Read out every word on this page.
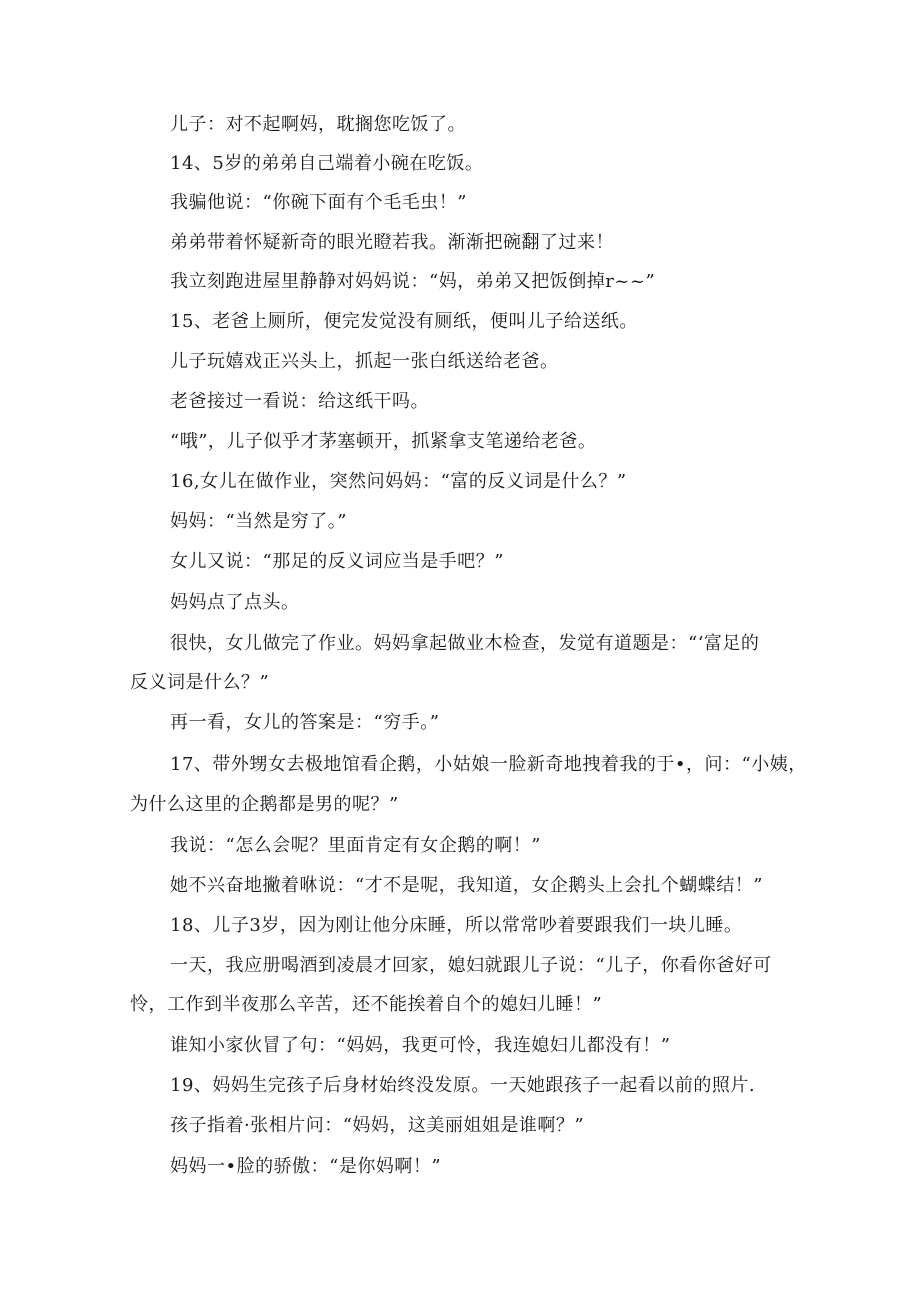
儿子：对不起啊妈，耽搁您吃饭了。
14、5岁的弟弟自己端着小碗在吃饭。
我骗他说：“你碗下面有个毛毛虫！”
弟弟带着怀疑新奇的眼光瞪若我。渐渐把碗翻了过来！
我立刻跑进屋里静静对妈妈说：“妈，弟弟又把饭倒掉r~~”
15、老爸上厕所，便完发觉没有厕纸，便叫儿子给送纸。
儿子玩嬉戏正兴头上，抓起一张白纸送给老爸。
老爸接过一看说：给这纸干吗。
“哦”，儿子似乎才茅塞顿开，抓紧拿支笔递给老爸。
16,女儿在做作业，突然问妈妈：“富的反义词是什么？”
妈妈：“当然是穷了。”
女儿又说：“那足的反义词应当是手吧？”
妈妈点了点头。
很快，女儿做完了作业。妈妈拿起做业木检查，发觉有道题是：“‘富足的
反义词是什么？”
再一看，女儿的答案是：“穷手。”
17、带外甥女去极地馆看企鹅，小姑娘一脸新奇地拽着我的于•，问：“小姨，
为什么这里的企鹅都是男的呢？”
我说：“怎么会呢？里面肯定有女企鹅的啊！”
她不兴奋地撇着咻说：“才不是呢，我知道，女企鹅头上会扎个蝴蝶结！”
18、儿子3岁，因为刚让他分床睡，所以常常吵着要跟我们一块儿睡。
一天，我应册喝酒到凌晨才回家，媳妇就跟儿子说：“儿子，你看你爸好可
怜，工作到半夜那么辛苦，还不能挨着自个的媳妇儿睡！”
谁知小家伙冒了句：“妈妈，我更可怜，我连媳妇儿都没有！”
19、妈妈生完孩子后身材始终没发原。一天她跟孩子一起看以前的照片.
孩子指着·张相片问：“妈妈，这美丽姐姐是谁啊？”
妈妈一•脸的骄傲：“是你妈啊！”
